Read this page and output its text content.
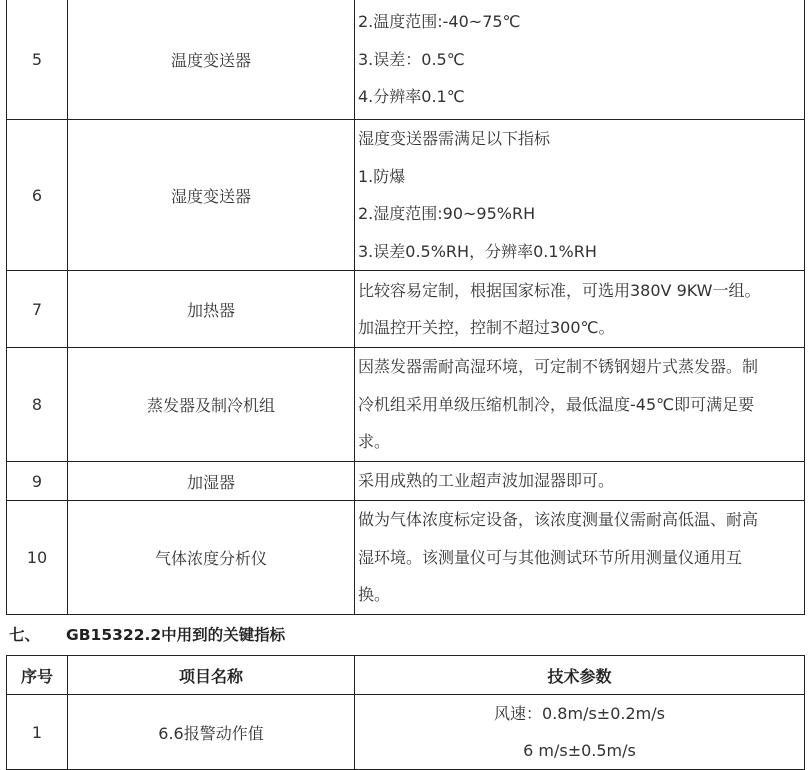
5	温度变送器	2.温度范围:-40~75℃
3.误差：0.5℃
4.分辨率0.1℃

6	湿度变送器	湿度变送器需满足以下指标
1.防爆
2.湿度范围:90~95%RH
3.误差0.5%RH，分辨率0.1%RH

7	加热器	比较容易定制，根据国家标准，可选用380V 9KW一组。
加温控开关控，控制不超过300℃。

8	蒸发器及制冷机组	因蒸发器需耐高湿环境，可定制不锈钢翅片式蒸发器。制
冷机组采用单级压缩机制冷，最低温度-45℃即可满足要
求。

9	加湿器	采用成熟的工业超声波加湿器即可。

10	气体浓度分析仪	做为气体浓度标定设备，该浓度测量仪需耐高低温、耐高
湿环境。该测量仪可与其他测试环节所用测量仪通用互
换。
七、 GB15322.2中用到的关键指标
序号	项目名称	技术参数
1	6.6报警动作值	风速：0.8m/s±0.2m/s
6 m/s±0.5m/s
